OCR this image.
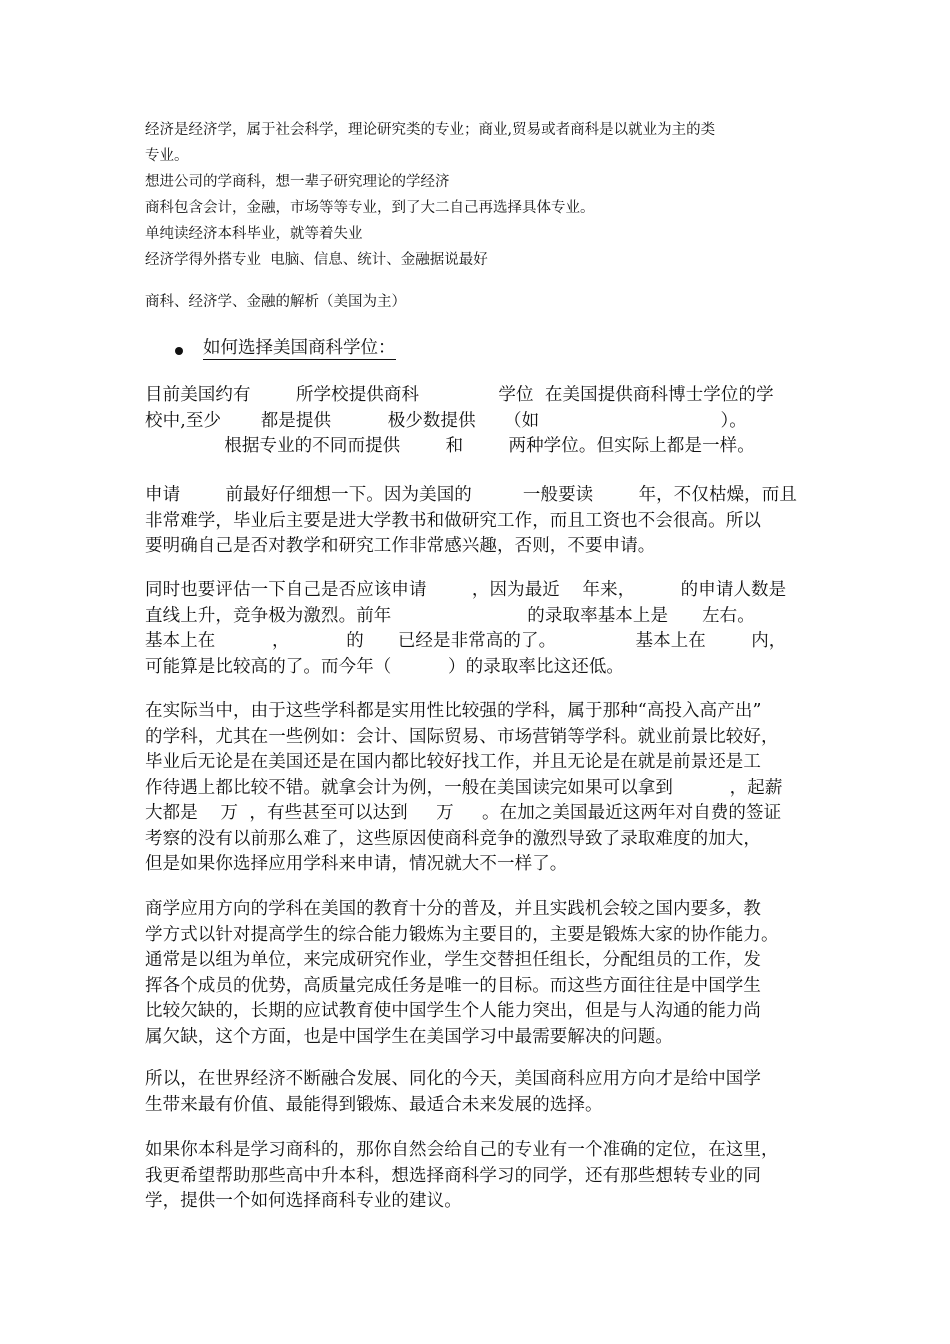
经济是经济学，属于社会科学，理论研究类的专业；商业,贸易或者商科是以就业为主的类
专业。
想进公司的学商科，想一辈子研究理论的学经济
商科包含会计，金融，市场等等专业，到了大二自己再选择具体专业。
单纯读经济本科毕业，就等着失业
经济学得外搭专业  电脑、信息、统计、金融据说最好
商科、经济学、金融的解析（美国为主）
如何选择美国商科学位：
目前美国约有        所学校提供商科              学位  在美国提供商科博士学位的学
校中,至少       都是提供          极少数提供     （如                                ）。
根据专业的不同而提供        和        两种学位。但实际上都是一样。
申请        前最好仔细想一下。因为美国的         一般要读        年，不仅枯燥，而且
非常难学，毕业后主要是进大学教书和做研究工作，而且工资也不会很高。所以
要明确自己是否对教学和研究工作非常感兴趣，否则，不要申请。
同时也要评估一下自己是否应该申请        ，因为最近    年来，        的申请人数是
直线上升，竞争极为激烈。前年                        的录取率基本上是      左右。
基本上在          ，          的      已经是非常高的了。              基本上在        内，
可能算是比较高的了。而今年（          ）的录取率比这还低。
在实际当中，由于这些学科都是实用性比较强的学科，属于那种“高投入高产出”
的学科，尤其在一些例如：会计、国际贸易、市场营销等学科。就业前景比较好，
毕业后无论是在美国还是在国内都比较好找工作，并且无论是在就是前景还是工
作待遇上都比较不错。就拿会计为例，一般在美国读完如果可以拿到          ，起薪
大都是    万  ，有些甚至可以达到     万     。在加之美国最近这两年对自费的签证
考察的没有以前那么难了，这些原因使商科竞争的激烈导致了录取难度的加大，
但是如果你选择应用学科来申请，情况就大不一样了。
商学应用方向的学科在美国的教育十分的普及，并且实践机会较之国内要多，教
学方式以针对提高学生的综合能力锻炼为主要目的，主要是锻炼大家的协作能力。
通常是以组为单位，来完成研究作业，学生交替担任组长，分配组员的工作，发
挥各个成员的优势，高质量完成任务是唯一的目标。而这些方面往往是中国学生
比较欠缺的，长期的应试教育使中国学生个人能力突出，但是与人沟通的能力尚
属欠缺，这个方面，也是中国学生在美国学习中最需要解决的问题。
所以，在世界经济不断融合发展、同化的今天，美国商科应用方向才是给中国学
生带来最有价值、最能得到锻炼、最适合未来发展的选择。
如果你本科是学习商科的，那你自然会给自己的专业有一个准确的定位，在这里，
我更希望帮助那些高中升本科，想选择商科学习的同学，还有那些想转专业的同
学，提供一个如何选择商科专业的建议。
